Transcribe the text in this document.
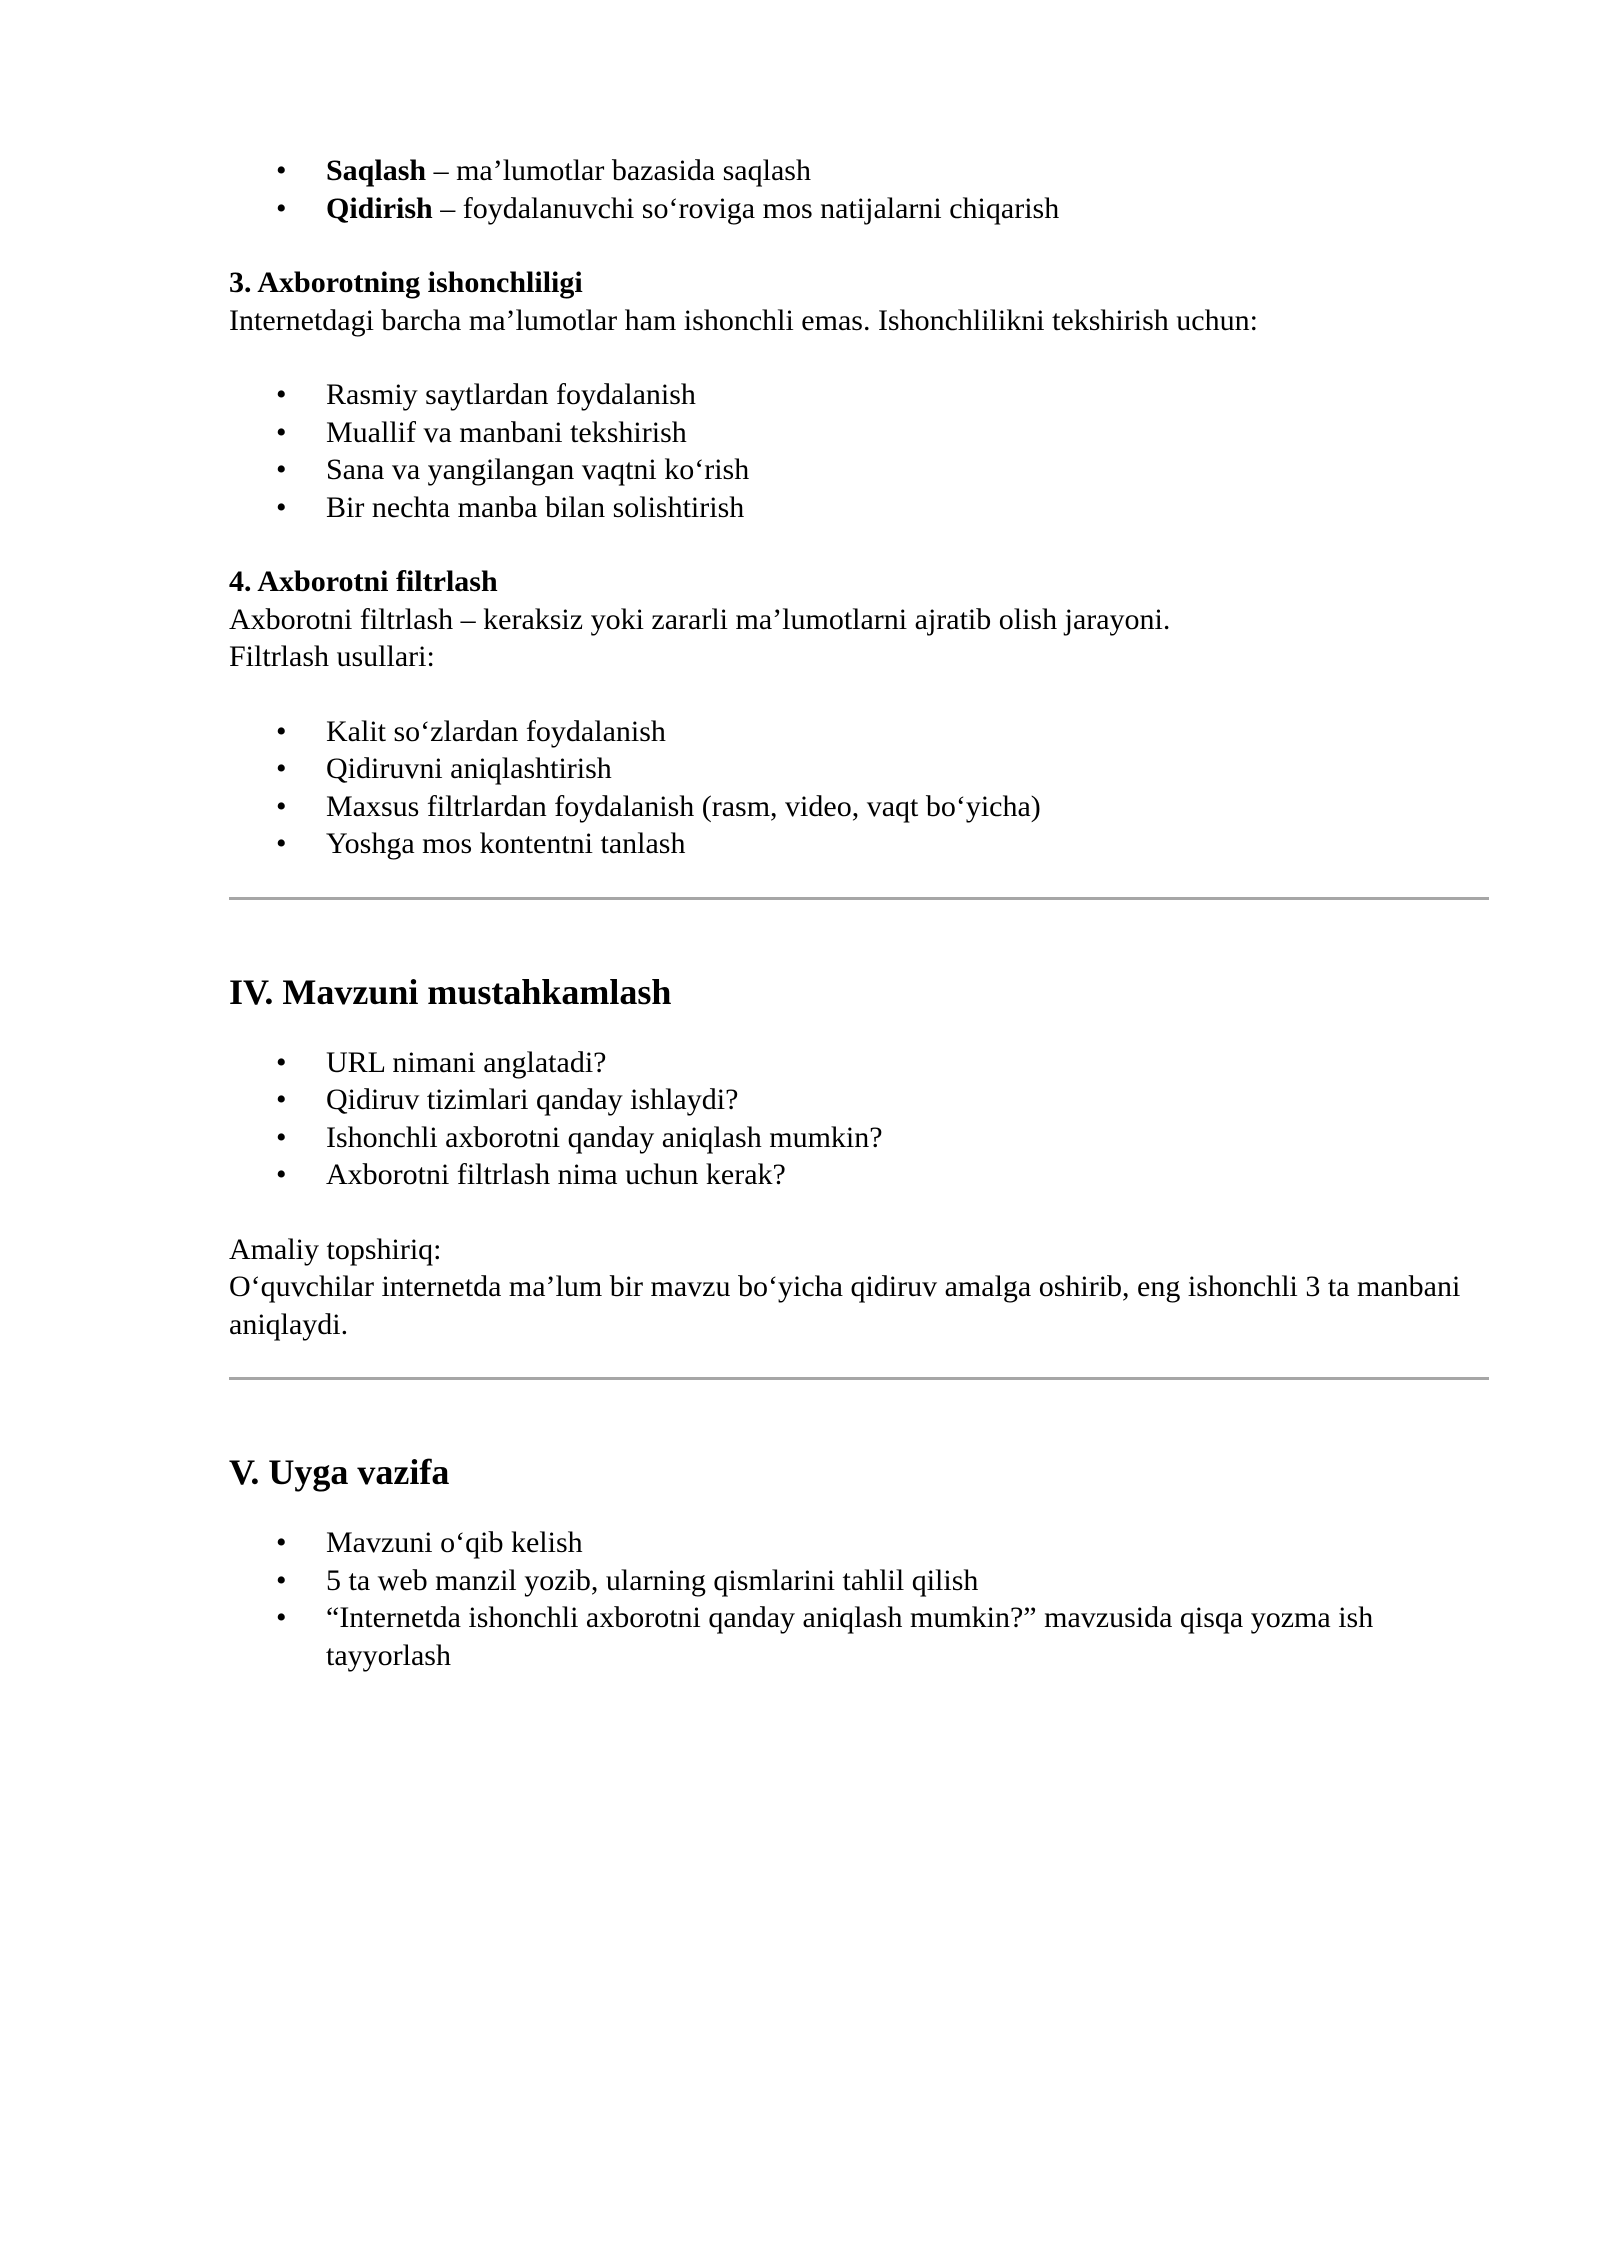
• Saqlash – ma’lumotlar bazasida saqlash
• Qidirish – foydalanuvchi so‘roviga mos natijalarni chiqarish

3. Axborotning ishonchliligi

Internetdagi barcha ma’lumotlar ham ishonchli emas. Ishonchlilikni tekshirish uchun:

• Rasmiy saytlardan foydalanish
• Muallif va manbani tekshirish
• Sana va yangilangan vaqtni ko‘rish
• Bir nechta manba bilan solishtirish

4. Axborotni filtrlash

Axborotni filtrlash – keraksiz yoki zararli ma’lumotlarni ajratib olish jarayoni.

Filtrlash usullari:

• Kalit so‘zlardan foydalanish
• Qidiruvni aniqlashtirish
• Maxsus filtrlardan foydalanish (rasm, video, vaqt bo‘yicha)
• Yoshga mos kontentni tanlash

IV. Mavzuni mustahkamlash

• URL nimani anglatadi?
• Qidiruv tizimlari qanday ishlaydi?
• Ishonchli axborotni qanday aniqlash mumkin?
• Axborotni filtrlash nima uchun kerak?

Amaliy topshiriq:

O‘quvchilar internetda ma’lum bir mavzu bo‘yicha qidiruv amalga oshirib, eng ishonchli 3 ta manbani aniqlaydi.

V. Uyga vazifa

• Mavzuni o‘qib kelish
• 5 ta web manzil yozib, ularning qismlarini tahlil qilish
• “Internetda ishonchli axborotni qanday aniqlash mumkin?” mavzusida qisqa yozma ish tayyorlash
